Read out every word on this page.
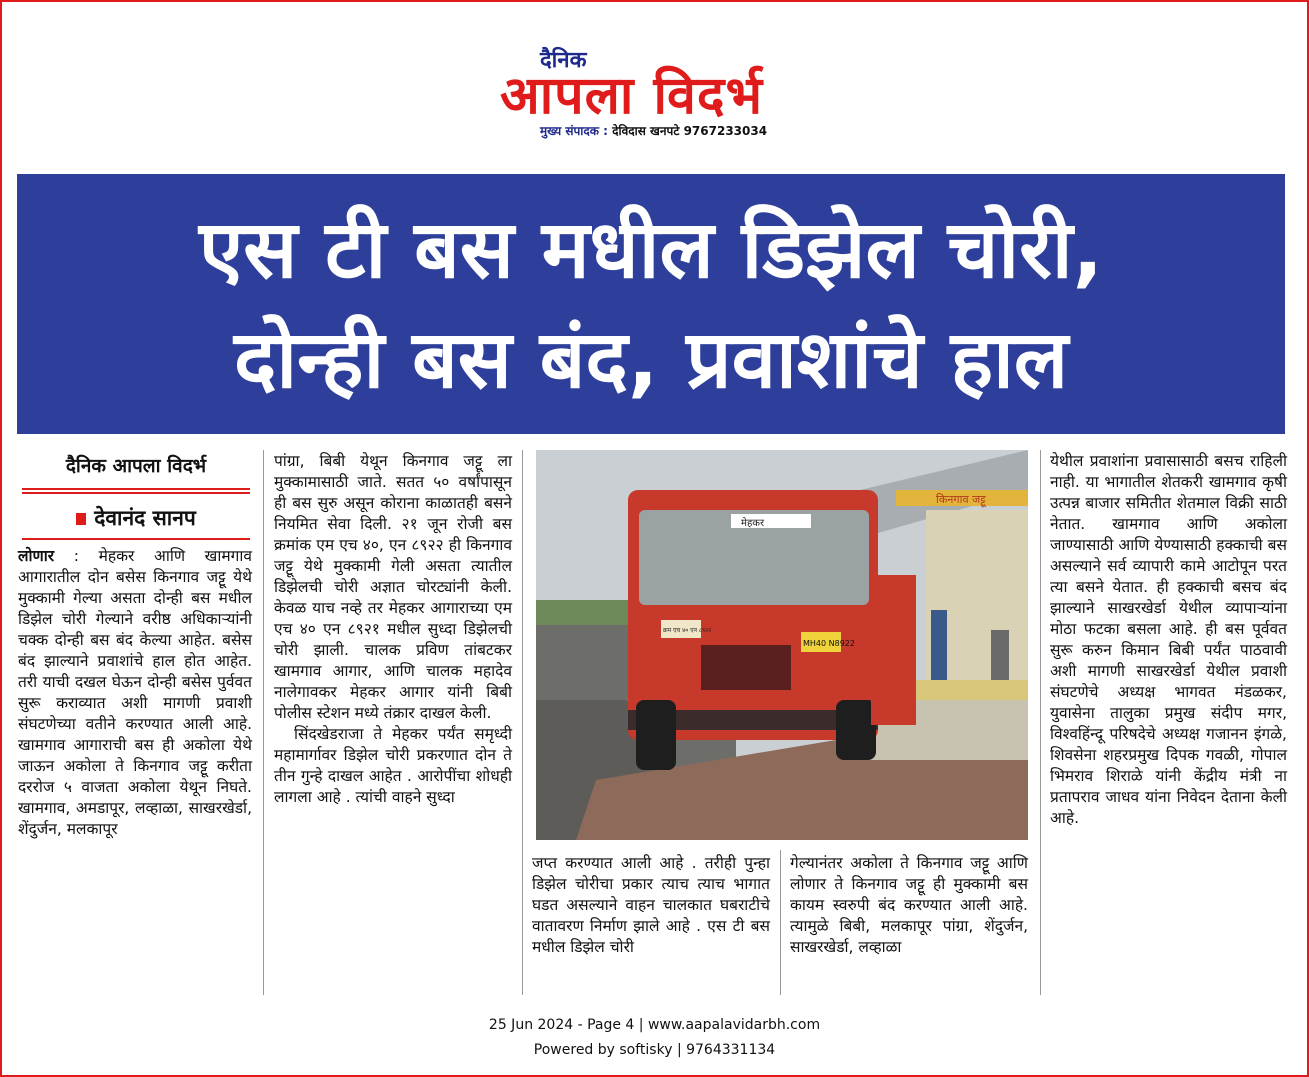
दैनिक
आपला विदर्भ
मुख्य संपादक : देविदास खनपटे 9767233034
एस टी बस मधील डिझेल चोरी,
दोन्ही बस बंद, प्रवाशांचे हाल
दैनिक आपला विदर्भ
देवानंद सानप

लोणार : मेहकर आणि खामगाव आगारातील दोन बसेस किनगाव जट्टू येथे मुक्कामी गेल्या असता दोन्ही बस मधील डिझेल चोरी गेल्याने वरीष्ठ अधिकाऱ्यांनी चक्क दोन्ही बस बंद केल्या आहेत. बसेस बंद झाल्याने प्रवाशांचे हाल होत आहेत. तरी याची दखल घेऊन दोन्ही बसेस पुर्ववत सुरू कराव्यात अशी मागणी प्रवाशी संघटणेच्या वतीने करण्यात आली आहे. खामगाव आगाराची बस ही अकोला येथे जाऊन अकोला ते किनगाव जट्टू करीता दररोज ५ वाजता अकोला येथून निघते. खामगाव, अमडापूर, लव्हाळा, साखरखेर्डा, शेंदुर्जन, मलकापूर

पांग्रा, बिबी येथून किनगाव जट्टू ला मुक्कामासाठी जाते. सतत ५० वर्षांपासून ही बस सुरु असून कोराना काळातही बसने नियमित सेवा दिली. २१ जून रोजी बस क्रमांक एम एच ४०, एन ८९२२ ही किनगाव जट्टू येथे मुक्कामी गेली असता त्यातील डिझेलची चोरी अज्ञात चोरट्यांनी केली. केवळ याच नव्हे तर मेहकर आगाराच्या एम एच ४० एन ८९२१ मधील सुध्दा डिझेलची चोरी झाली. चालक प्रविण तांबटकर खामगाव आगार, आणि चालक महादेव नालेगावकर मेहकर आगार यांनी बिबी पोलीस स्टेशन मध्ये तंक्रार दाखल केली.

सिंदखेडराजा ते मेहकर पर्यंत समृध्दी महामार्गावर डिझेल चोरी प्रकरणात दोन ते तीन गुन्हे दाखल आहेत . आरोपींचा शोधही लागला आहे . त्यांची वाहने सुध्दा

किनगाव जट्टू
मेहकर
क्रम एच ४० एन ८९२२
MH40 N8922

जप्त करण्यात आली आहे . तरीही पुन्हा डिझेल चोरीचा प्रकार त्याच त्याच भागात घडत असल्याने वाहन चालकात घबराटीचे वातावरण निर्माण झाले आहे . एस टी बस मधील डिझेल चोरी

गेल्यानंतर अकोला ते किनगाव जट्टू आणि लोणार ते किनगाव जट्टू ही मुक्कामी बस कायम स्वरुपी बंद करण्यात आली आहे. त्यामुळे बिबी, मलकापूर पांग्रा, शेंदुर्जन, साखरखेर्डा, लव्हाळा

येथील प्रवाशांना प्रवासासाठी बसच राहिली नाही. या भागातील शेतकरी खामगाव कृषी उत्पन्न बाजार समितीत शेतमाल विक्री साठी नेतात. खामगाव आणि अकोला जाण्यासाठी आणि येण्यासाठी हक्काची बस असल्याने सर्व व्यापारी कामे आटोपून परत त्या बसने येतात. ही हक्काची बसच बंद झाल्याने साखरखेर्डा येथील व्यापाऱ्यांना मोठा फटका बसला आहे. ही बस पूर्ववत सुरू करुन किमान बिबी पर्यंत पाठवावी अशी मागणी साखरखेर्डा येथील प्रवाशी संघटणेचे अध्यक्ष भागवत मंडळकर, युवासेना तालुका प्रमुख संदीप मगर, विश्वहिंन्दू परिषदेचे अध्यक्ष गजानन इंगळे, शिवसेना शहरप्रमुख दिपक गवळी, गोपाल भिमराव शिराळे यांनी केंद्रीय मंत्री ना प्रतापराव जाधव यांना निवेदन देताना केली आहे.

25 Jun 2024 - Page 4 | www.aapalavidarbh.com
Powered by softisky | 9764331134
